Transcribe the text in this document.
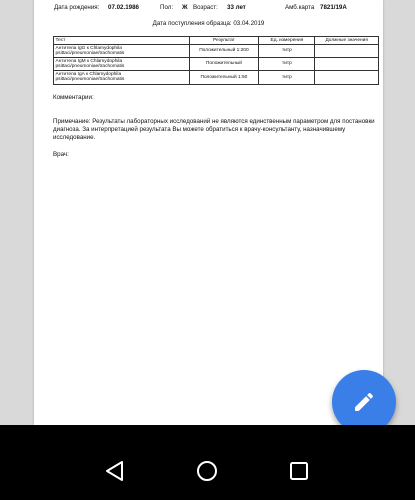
Дата рождения: 07.02.1986	Пол: Ж Возраст: 33 лет	Амб.карта 7821/19А
Дата поступления образца: 03.04.2019
Тест	Результат	Ед. измерения	Должные значения
Антитела IgG к Chlamydophila psittaci/pneumoniae/trachomatis	Положительный 1:200	титр	
Антитела IgM к Chlamydophila psittaci/pneumoniae/trachomatis	Положительный	титр	
Антитела IgA к Chlamydophila psittaci/pneumoniae/trachomatis	Положительный 1:50	титр	
Комментарии:
Примечание: Результаты лабораторных исследований не являются единственным параметром для постановки диагноза. За интерпретацией результата Вы можете обратиться к врачу-консультанту, назначившему исследование.
Врач:
